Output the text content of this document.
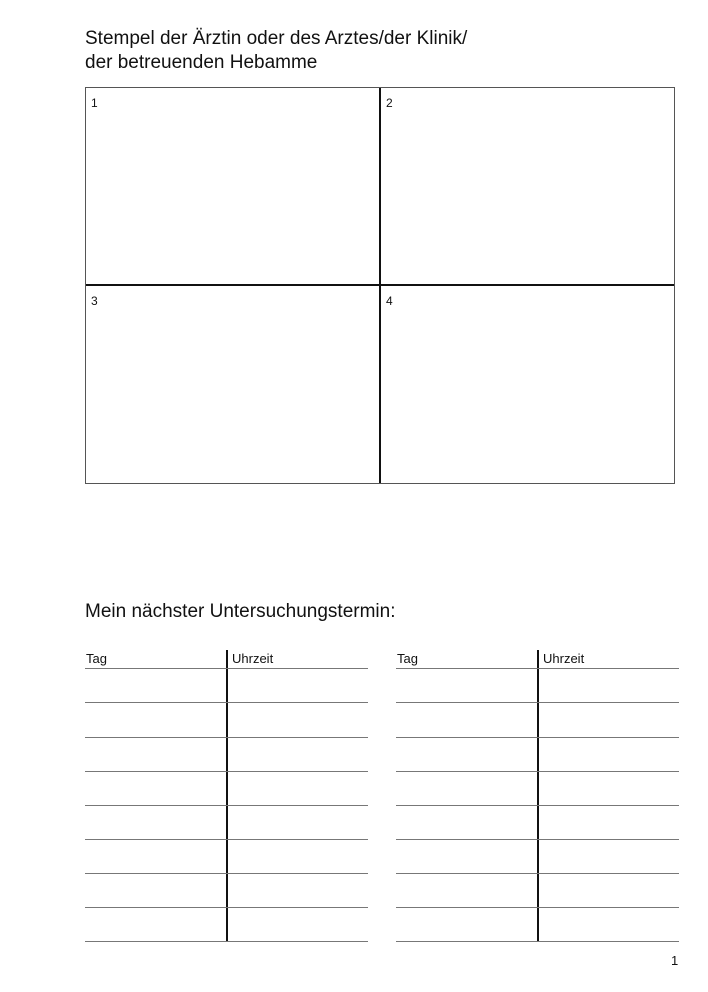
Stempel der Ärztin oder des Arztes/der Klinik/
der betreuenden Hebamme
1	2
3	4
Mein nächster Untersuchungstermin:
Tag	Uhrzeit	Tag	Uhrzeit
1
